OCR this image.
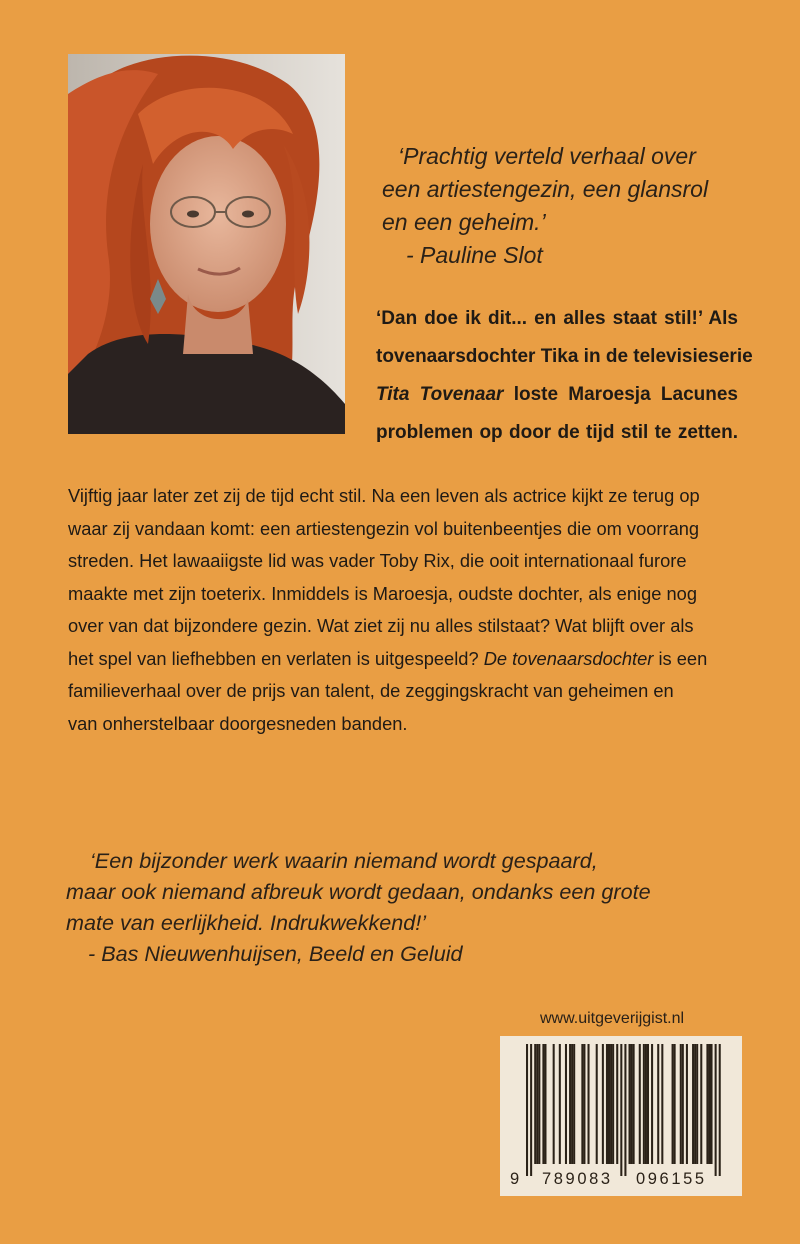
‘Prachtig verteld verhaal over
een artiestengezin, een glansrol
en een geheim.’
- Pauline Slot
‘Dan doe ik dit... en alles staat stil!’ Als
tovenaarsdochter Tika in de televisieserie
Tita Tovenaar loste Maroesja Lacunes
problemen op door de tijd stil te zetten.
Vijftig jaar later zet zij de tijd echt stil. Na een leven als actrice kijkt ze terug op
waar zij vandaan komt: een artiestengezin vol buitenbeentjes die om voorrang
streden. Het lawaaiigste lid was vader Toby Rix, die ooit internationaal furore
maakte met zijn toeterix. Inmiddels is Maroesja, oudste dochter, als enige nog
over van dat bijzondere gezin. Wat ziet zij nu alles stilstaat? Wat blijft over als
het spel van liefhebben en verlaten is uitgespeeld? De tovenaarsdochter is een
familieverhaal over de prijs van talent, de zeggingskracht van geheimen en
van onherstelbaar doorgesneden banden.
‘Een bijzonder werk waarin niemand wordt gespaard,
maar ook niemand afbreuk wordt gedaan, ondanks een grote
mate van eerlijkheid. Indrukwekkend!’
- Bas Nieuwenhuijsen, Beeld en Geluid
www.uitgeverijgist.nl
9 789083 096155
